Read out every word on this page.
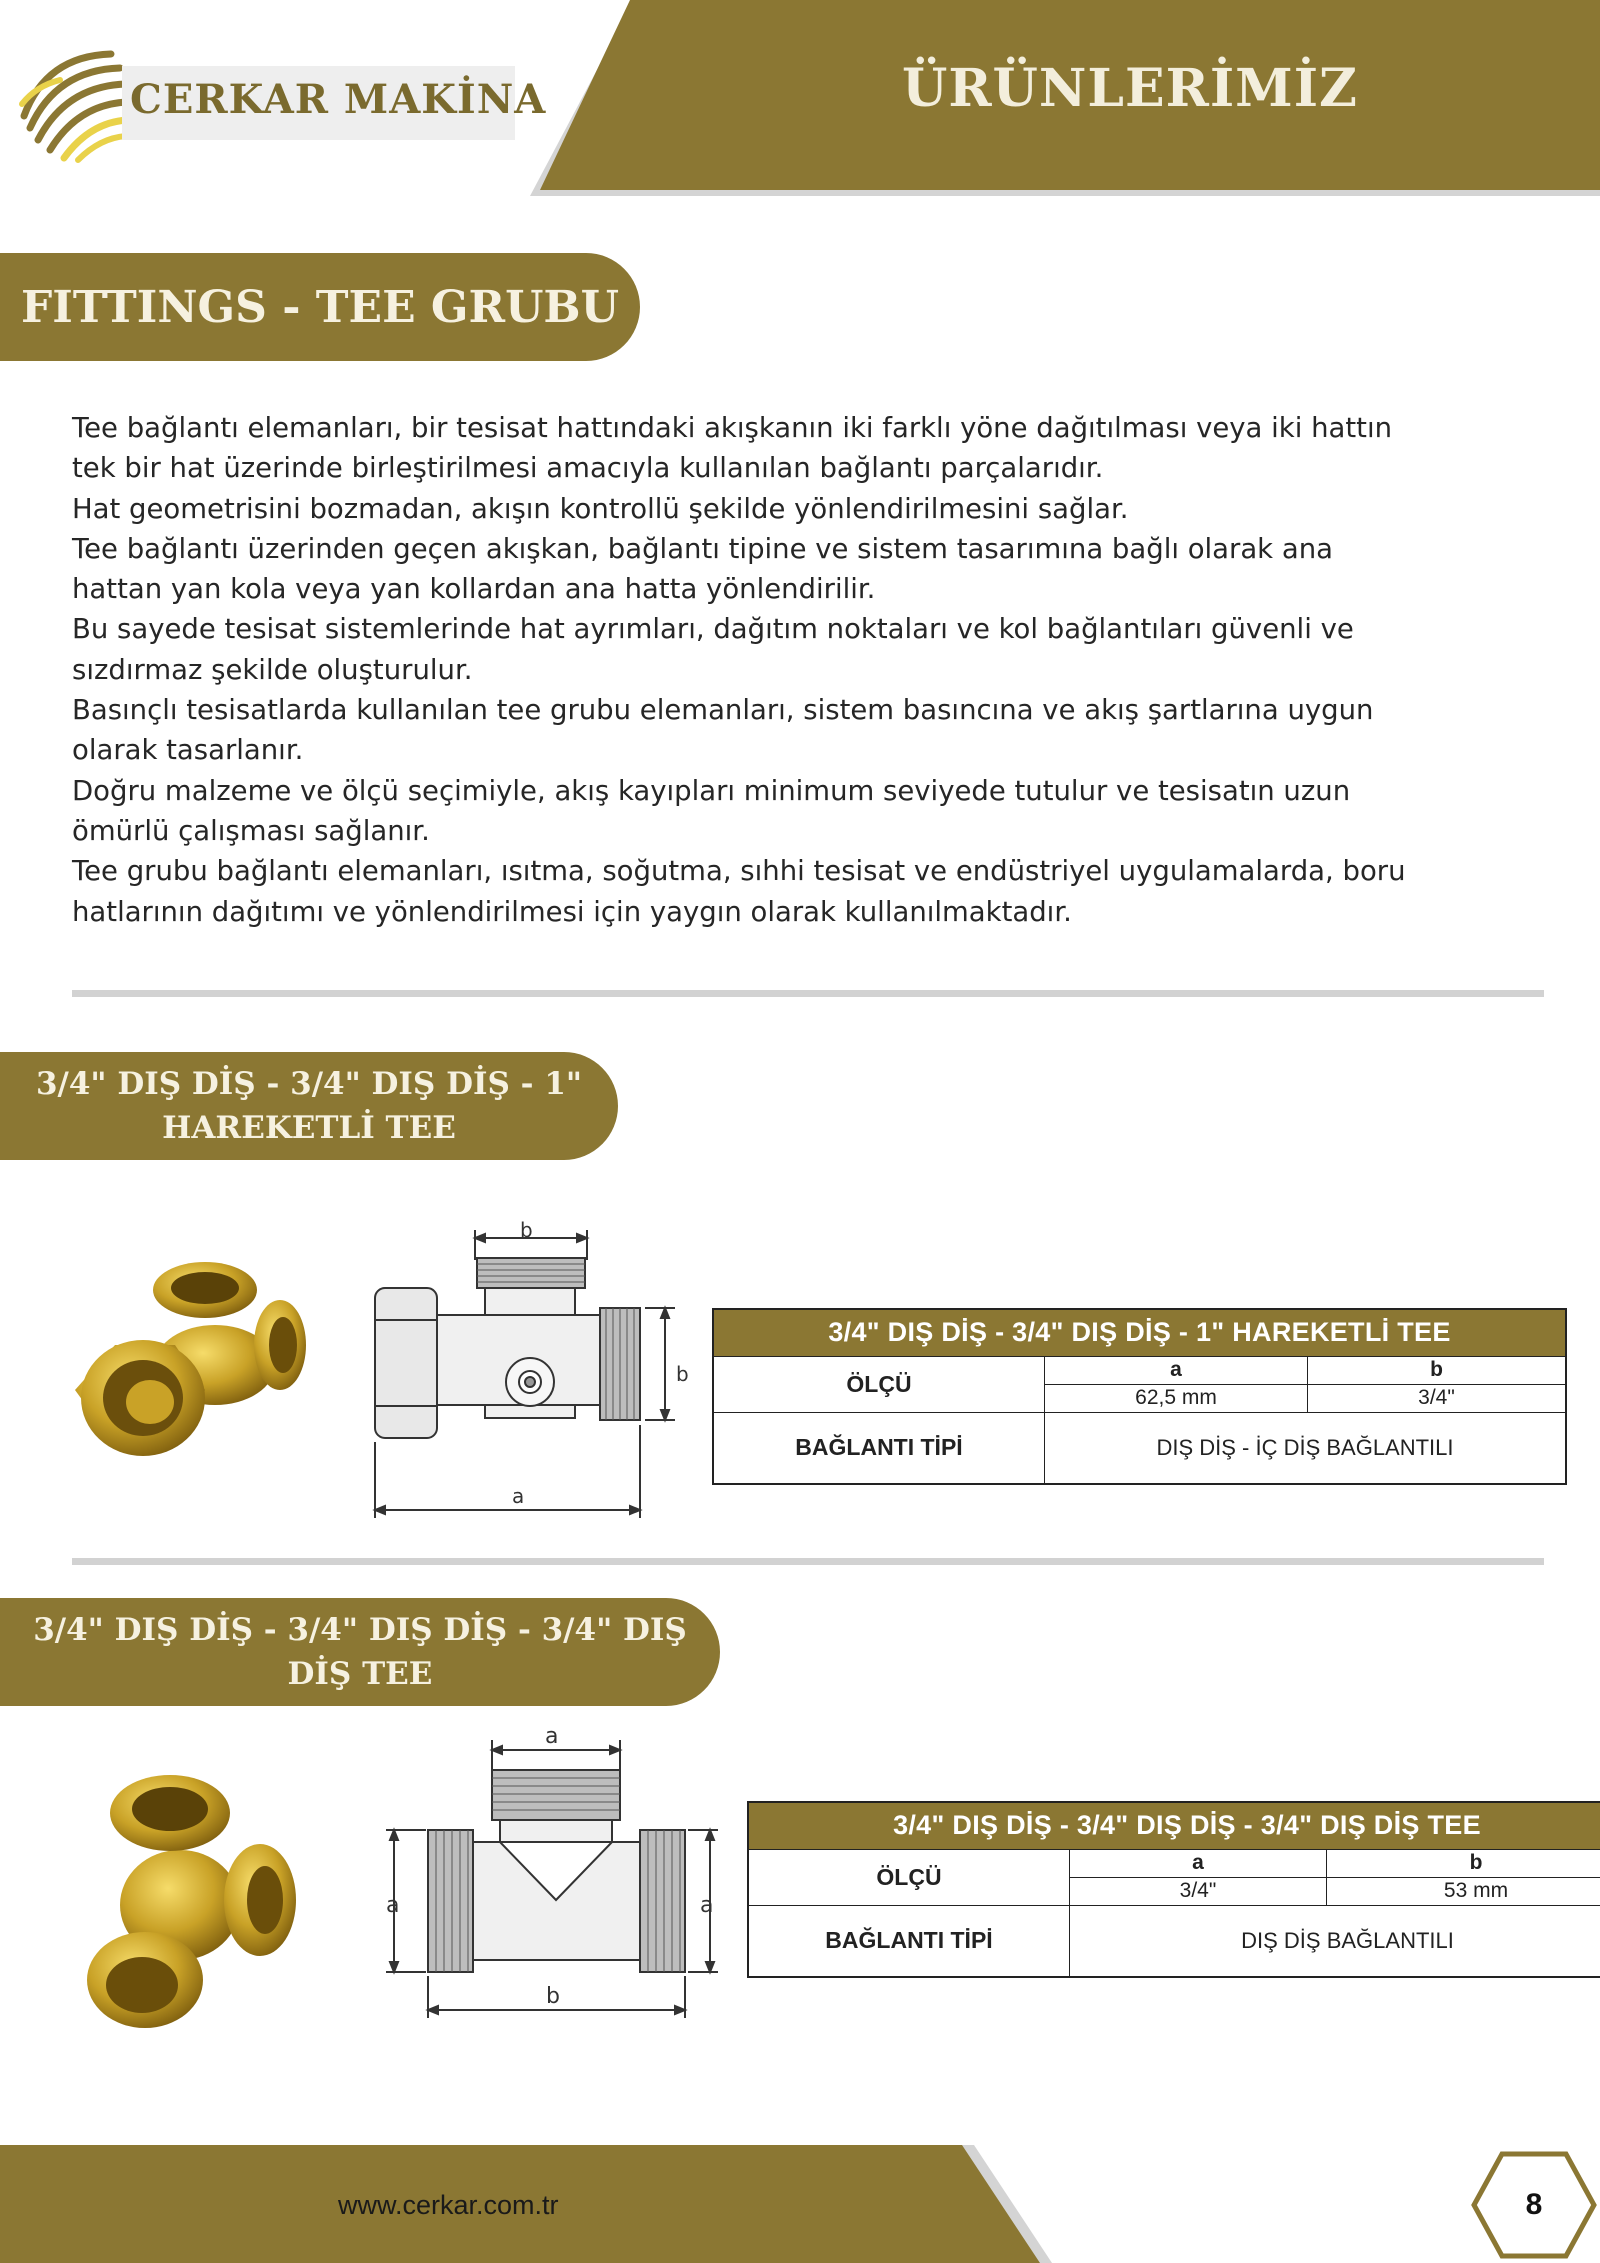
ÜRÜNLERİMİZ
CERKAR MAKİNA
FITTINGS - TEE GRUBU
Tee bağlantı elemanları, bir tesisat hattındaki akışkanın iki farklı yöne dağıtılması veya iki hattın
tek bir hat üzerinde birleştirilmesi amacıyla kullanılan bağlantı parçalarıdır.
Hat geometrisini bozmadan, akışın kontrollü şekilde yönlendirilmesini sağlar.
Tee bağlantı üzerinden geçen akışkan, bağlantı tipine ve sistem tasarımına bağlı olarak ana
hattan yan kola veya yan kollardan ana hatta yönlendirilir.
Bu sayede tesisat sistemlerinde hat ayrımları, dağıtım noktaları ve kol bağlantıları güvenli ve
sızdırmaz şekilde oluşturulur.
Basınçlı tesisatlarda kullanılan tee grubu elemanları, sistem basıncına ve akış şartlarına uygun
olarak tasarlanır.
Doğru malzeme ve ölçü seçimiyle, akış kayıpları minimum seviyede tutulur ve tesisatın uzun
ömürlü çalışması sağlanır.
Tee grubu bağlantı elemanları, ısıtma, soğutma, sıhhi tesisat ve endüstriyel uygulamalarda, boru
hatlarının dağıtımı ve yönlendirilmesi için yaygın olarak kullanılmaktadır.
3/4" DIŞ DİŞ - 3/4" DIŞ DİŞ - 1"
HAREKETLİ TEE
b
b
a
3/4" DIŞ DİŞ - 3/4" DIŞ DİŞ - 1" HAREKETLİ TEE		
ÖLÇÜ	a	b
	62,5 mm	3/4"
BAĞLANTI TİPİ	DIŞ DİŞ - İÇ DİŞ BAĞLANTILI	
3/4" DIŞ DİŞ - 3/4" DIŞ DİŞ - 3/4" DIŞ
DİŞ TEE
a
a	a
b
3/4" DIŞ DİŞ - 3/4" DIŞ DİŞ - 3/4" DIŞ DİŞ TEE		
ÖLÇÜ	a	b
	3/4"	53 mm
BAĞLANTI TİPİ	DIŞ DİŞ BAĞLANTILI	
www.cerkar.com.tr	8
